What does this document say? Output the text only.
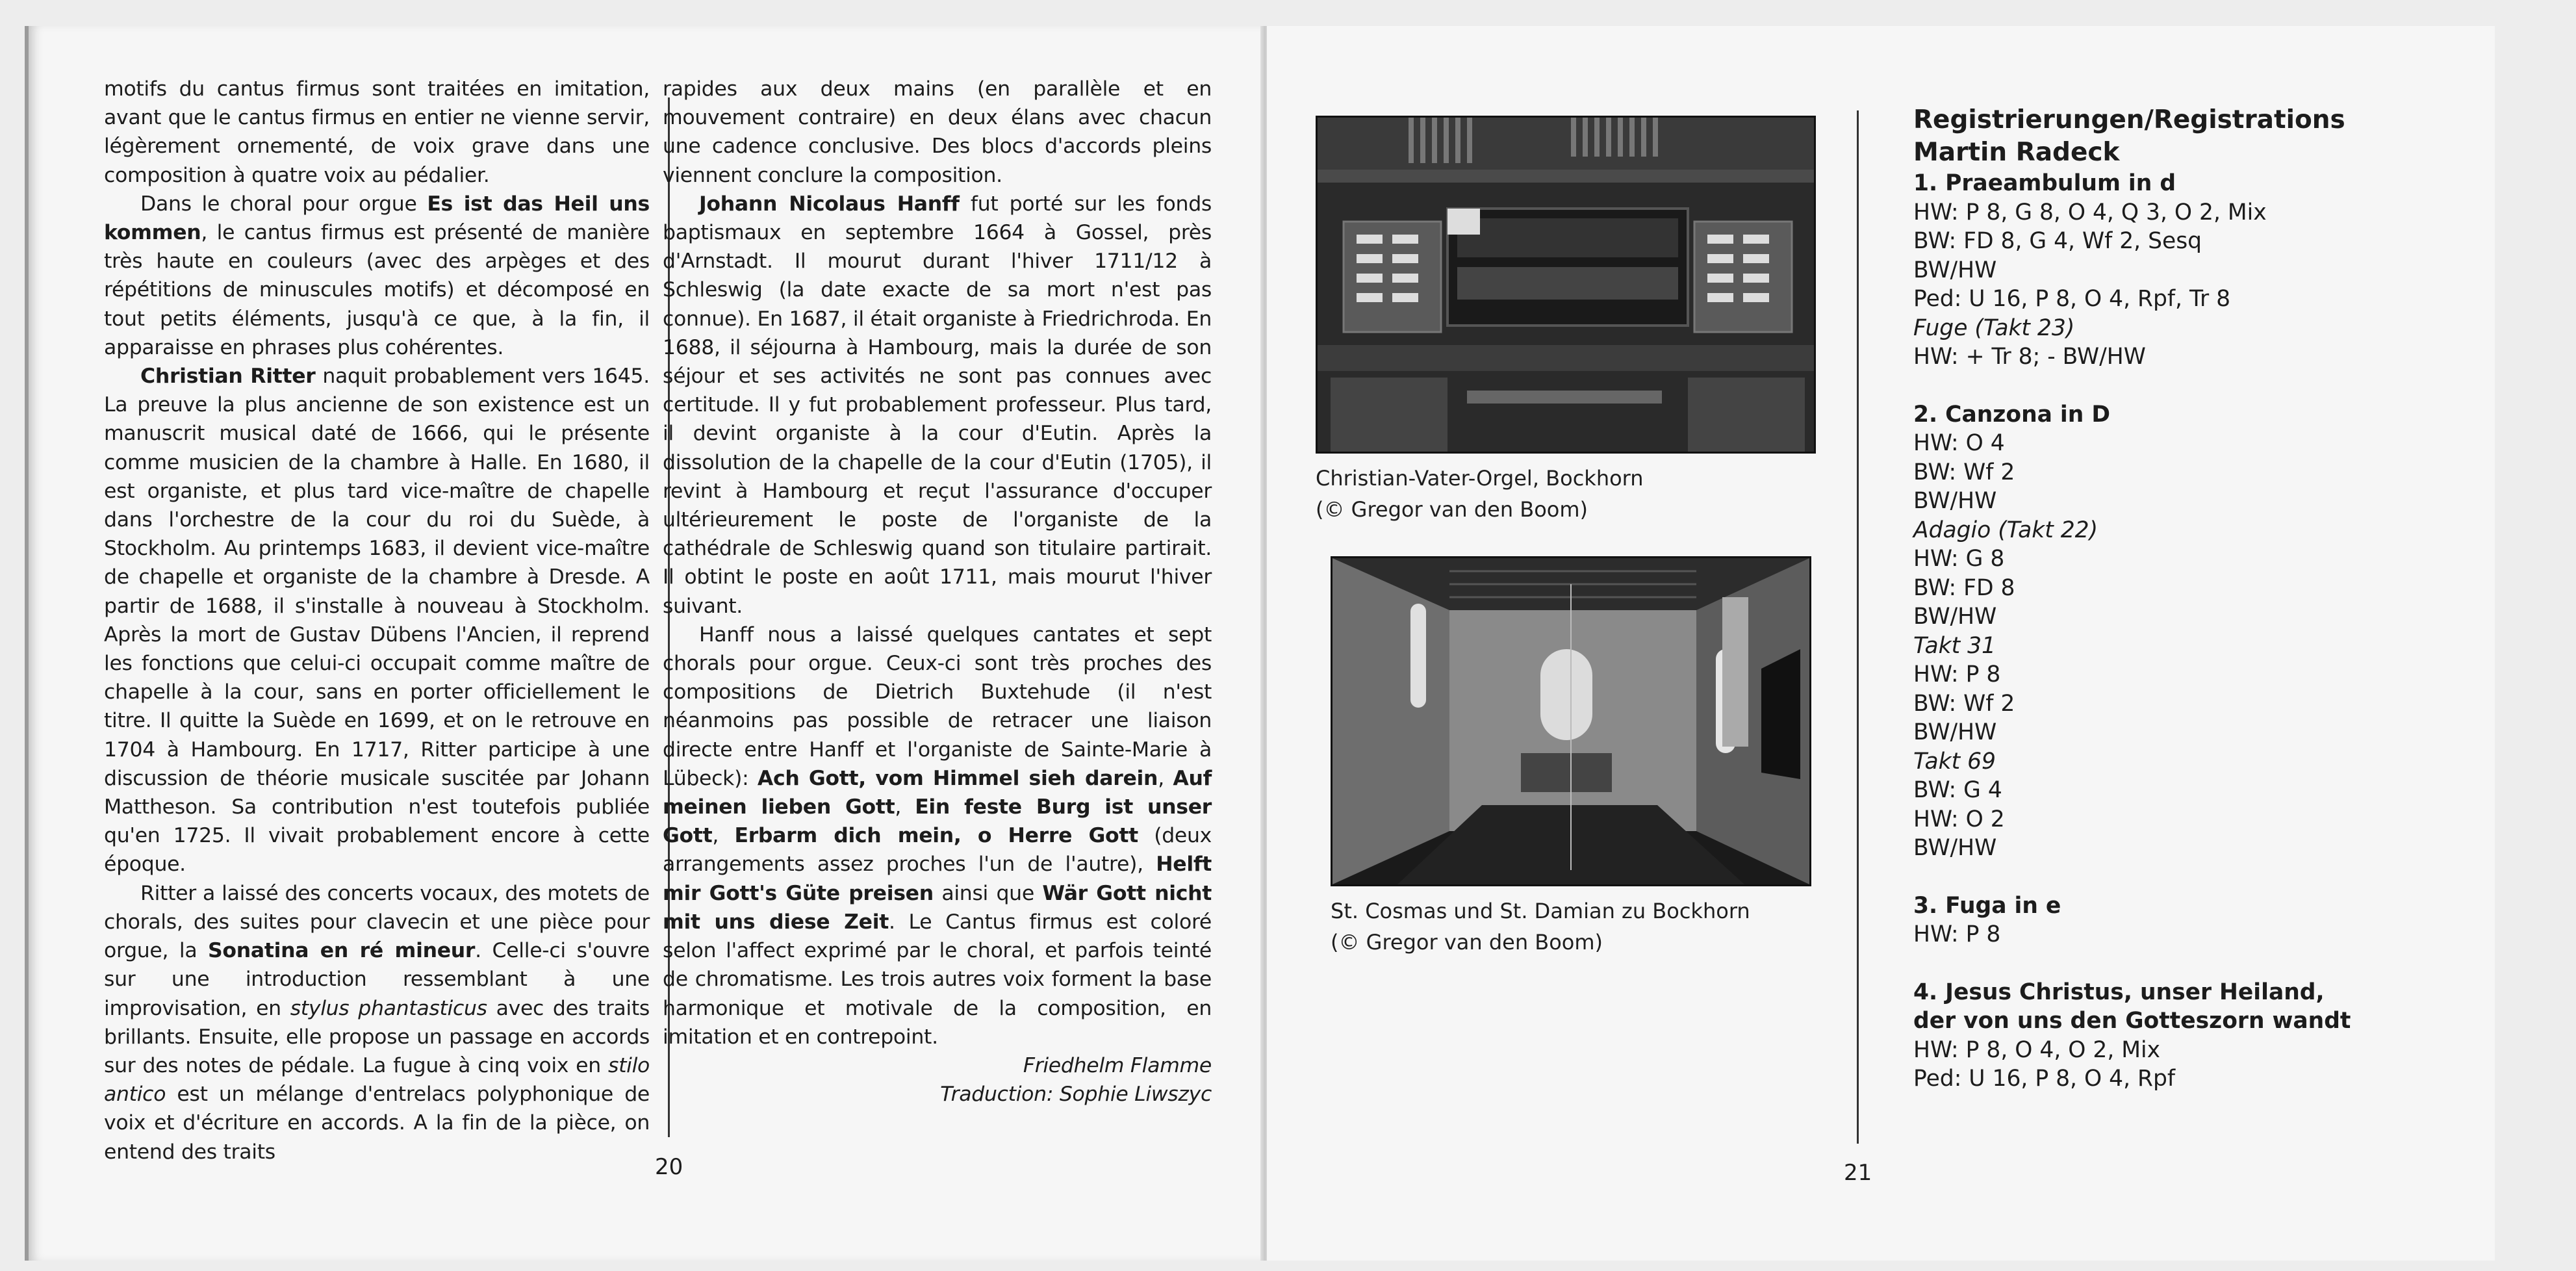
motifs du cantus firmus sont traitées en imitation, avant que le cantus firmus en entier ne vienne servir, légèrement ornementé, de voix grave dans une composition à quatre voix au pédalier.

Dans le choral pour orgue Es ist das Heil uns kommen, le cantus firmus est présenté de manière très haute en couleurs (avec des arpèges et des répétitions de minuscules motifs) et décomposé en tout petits éléments, jusqu'à ce que, à la fin, il apparaisse en phrases plus cohérentes.

Christian Ritter naquit probablement vers 1645. La preuve la plus ancienne de son existence est un manuscrit musical daté de 1666, qui le présente comme musicien de la chambre à Halle. En 1680, il est organiste, et plus tard vice-maître de chapelle dans l'orchestre de la cour du roi du Suède, à Stockholm. Au printemps 1683, il devient vice-maître de chapelle et organiste de la chambre à Dresde. A partir de 1688, il s'installe à nouveau à Stockholm. Après la mort de Gustav Dübens l'Ancien, il reprend les fonctions que celui-ci occupait comme maître de chapelle à la cour, sans en porter officiellement le titre. Il quitte la Suède en 1699, et on le retrouve en 1704 à Hambourg. En 1717, Ritter participe à une discussion de théorie musicale suscitée par Johann Mattheson. Sa contribution n'est toutefois publiée qu'en 1725. Il vivait probablement encore à cette époque.

Ritter a laissé des concerts vocaux, des motets de chorals, des suites pour clavecin et une pièce pour orgue, la Sonatina en ré mineur. Celle-ci s'ouvre sur une introduction ressemblant à une improvisation, en stylus phantasticus avec des traits brillants. Ensuite, elle propose un passage en accords sur des notes de pédale. La fugue à cinq voix en stilo antico est un mélange d'entrelacs polyphonique de voix et d'écriture en accords. A la fin de la pièce, on entend des traits

rapides aux deux mains (en parallèle et en mouvement contraire) en deux élans avec chacun une cadence conclusive. Des blocs d'accords pleins viennent conclure la composition.

Johann Nicolaus Hanff fut porté sur les fonds baptismaux en septembre 1664 à Gossel, près d'Arnstadt. Il mourut durant l'hiver 1711/12 à Schleswig (la date exacte de sa mort n'est pas connue). En 1687, il était organiste à Friedrichroda. En 1688, il séjourna à Hambourg, mais la durée de son séjour et ses activités ne sont pas connues avec certitude. Il y fut probablement professeur. Plus tard, il devint organiste à la cour d'Eutin. Après la dissolution de la chapelle de la cour d'Eutin (1705), il revint à Hambourg et reçut l'assurance d'occuper ultérieurement le poste de l'organiste de la cathédrale de Schleswig quand son titulaire partirait. Il obtint le poste en août 1711, mais mourut l'hiver suivant.

Hanff nous a laissé quelques cantates et sept chorals pour orgue. Ceux-ci sont très proches des compositions de Dietrich Buxtehude (il n'est néanmoins pas possible de retracer une liaison directe entre Hanff et l'organiste de Sainte-Marie à Lübeck): Ach Gott, vom Himmel sieh darein, Auf meinen lieben Gott, Ein feste Burg ist unser Gott, Erbarm dich mein, o Herre Gott (deux arrangements assez proches l'un de l'autre), Helft mir Gott's Güte preisen ainsi que Wär Gott nicht mit uns diese Zeit. Le Cantus firmus est coloré selon l'affect exprimé par le choral, et parfois teinté de chromatisme. Les trois autres voix forment la base harmonique et motivale de la composition, en imitation et en contrepoint.

Friedhelm Flamme

Traduction: Sophie Liwszyc

20
Christian-Vater-Orgel, Bockhorn
(© Gregor van den Boom)
St. Cosmas und St. Damian zu Bockhorn
(© Gregor van den Boom)

Registrierungen/Registrations

Martin Radeck

1. Praeambulum in d

HW: P 8, G 8, O 4, Q 3, O 2, Mix

BW: FD 8, G 4, Wf 2, Sesq

BW/HW

Ped: U 16, P 8, O 4, Rpf, Tr 8

Fuge (Takt 23)

HW: + Tr 8; - BW/HW

2. Canzona in D

HW: O 4

BW: Wf 2

BW/HW

Adagio (Takt 22)

HW: G 8

BW: FD 8

BW/HW

Takt 31

HW: P 8

BW: Wf 2

BW/HW

Takt 69

BW: G 4

HW: O 2

BW/HW

3. Fuga in e

HW: P 8

4. Jesus Christus, unser Heiland,

der von uns den Gotteszorn wandt

HW: P 8, O 4, O 2, Mix

Ped: U 16, P 8, O 4, Rpf

21
